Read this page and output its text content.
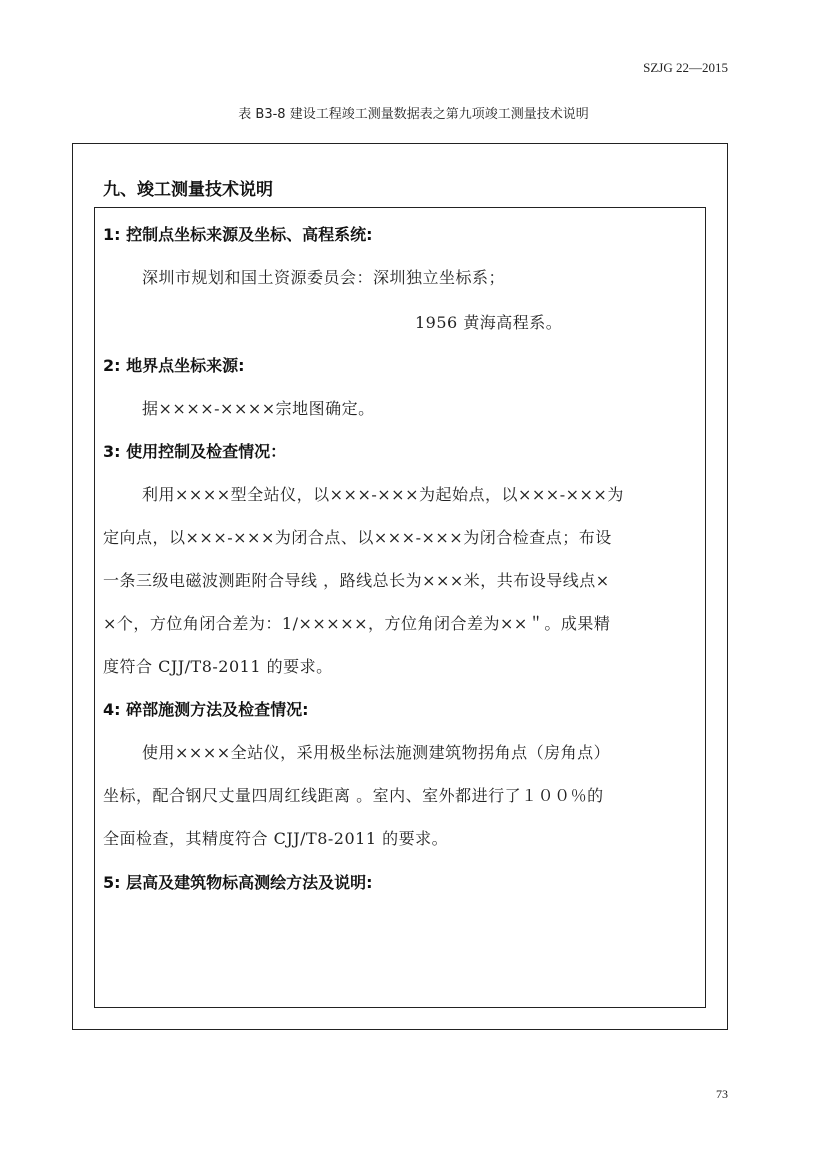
SZJG 22—2015
表 B3-8 建设工程竣工测量数据表之第九项竣工测量技术说明
九、竣工测量技术说明
1: 控制点坐标来源及坐标、高程系统:
深圳市规划和国土资源委员会：深圳独立坐标系；
1956 黄海高程系。
2: 地界点坐标来源:
据××××-××××宗地图确定。
3: 使用控制及检查情况：
利用××××型全站仪，以×××-×××为起始点，以×××-×××为
定向点，以×××-×××为闭合点、以×××-×××为闭合检查点；布设
一条三级电磁波测距附合导线 ，路线总长为×××米，共布设导线点×
×个，方位角闭合差为：1/×××××，方位角闭合差为××＂。成果精
度符合 CJJ/T8-2011 的要求。
4: 碎部施测方法及检查情况:
使用××××全站仪，采用极坐标法施测建筑物拐角点（房角点）
坐标，配合钢尺丈量四周红线距离 。室内、室外都进行了１００％的
全面检查，其精度符合 CJJ/T8-2011 的要求。
5: 层高及建筑物标高测绘方法及说明:
73
